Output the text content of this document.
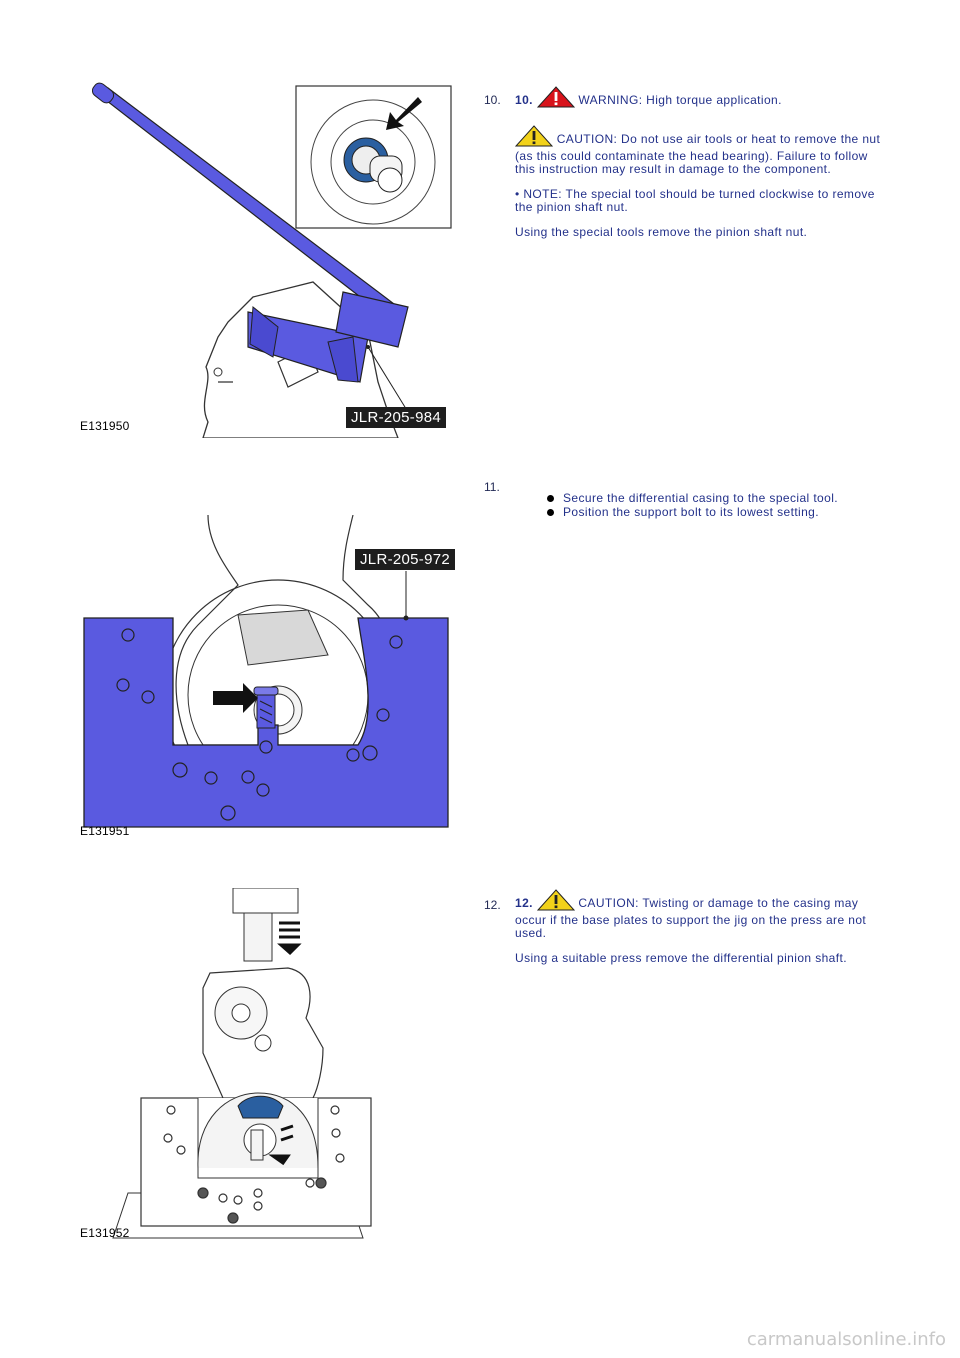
JLR-205-984
E131950
10. 10.	WARNING: High torque application.

CAUTION: Do not use air tools or heat to remove the nut (as this could contaminate the head bearing). Failure to follow this instruction may result in damage to the component.

• NOTE: The special tool should be turned clockwise to remove the pinion shaft nut.

Using the special tools remove the pinion shaft nut.

JLR-205-972
E131951
11.
Secure the differential casing to the special tool.
Position the support bolt to its lowest setting.
E131952
12. 12.	CAUTION: Twisting or damage to the casing may occur if the base plates to support the jig on the press are not used.

Using a suitable press remove the differential pinion shaft.

carmanualsonline.info
